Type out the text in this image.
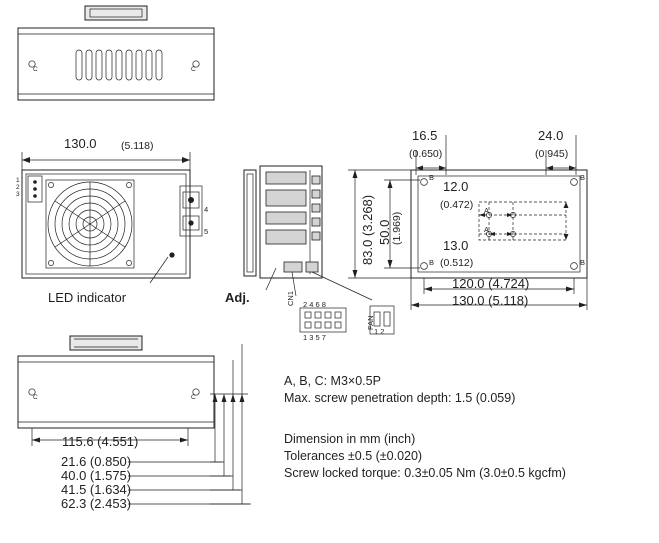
C	C
130.0 (5.118)
1
2
3
4
5
LED indicator	Adj.	CN1 2 4 6 8
1 3 5 7
FAN
1 2
16.5
(0.650)
24.0
(0.945)
12.0
(0.472)
13.0
(0.512)
83.0 (3.268) 50.0 (1.969)
120.0 (4.724)
130.0 (5.118)
B	B
B	B
A
A
C	C
115.6 (4.551)
21.6 (0.850)
40.0 (1.575)
41.5 (1.634)
62.3 (2.453)
A, B, C: M3×0.5P
Max. screw penetration depth: 1.5 (0.059)
Dimension in mm (inch)
Tolerances ±0.5 (±0.020)
Screw locked torque: 0.3±0.05 Nm (3.0±0.5 kgcfm)
